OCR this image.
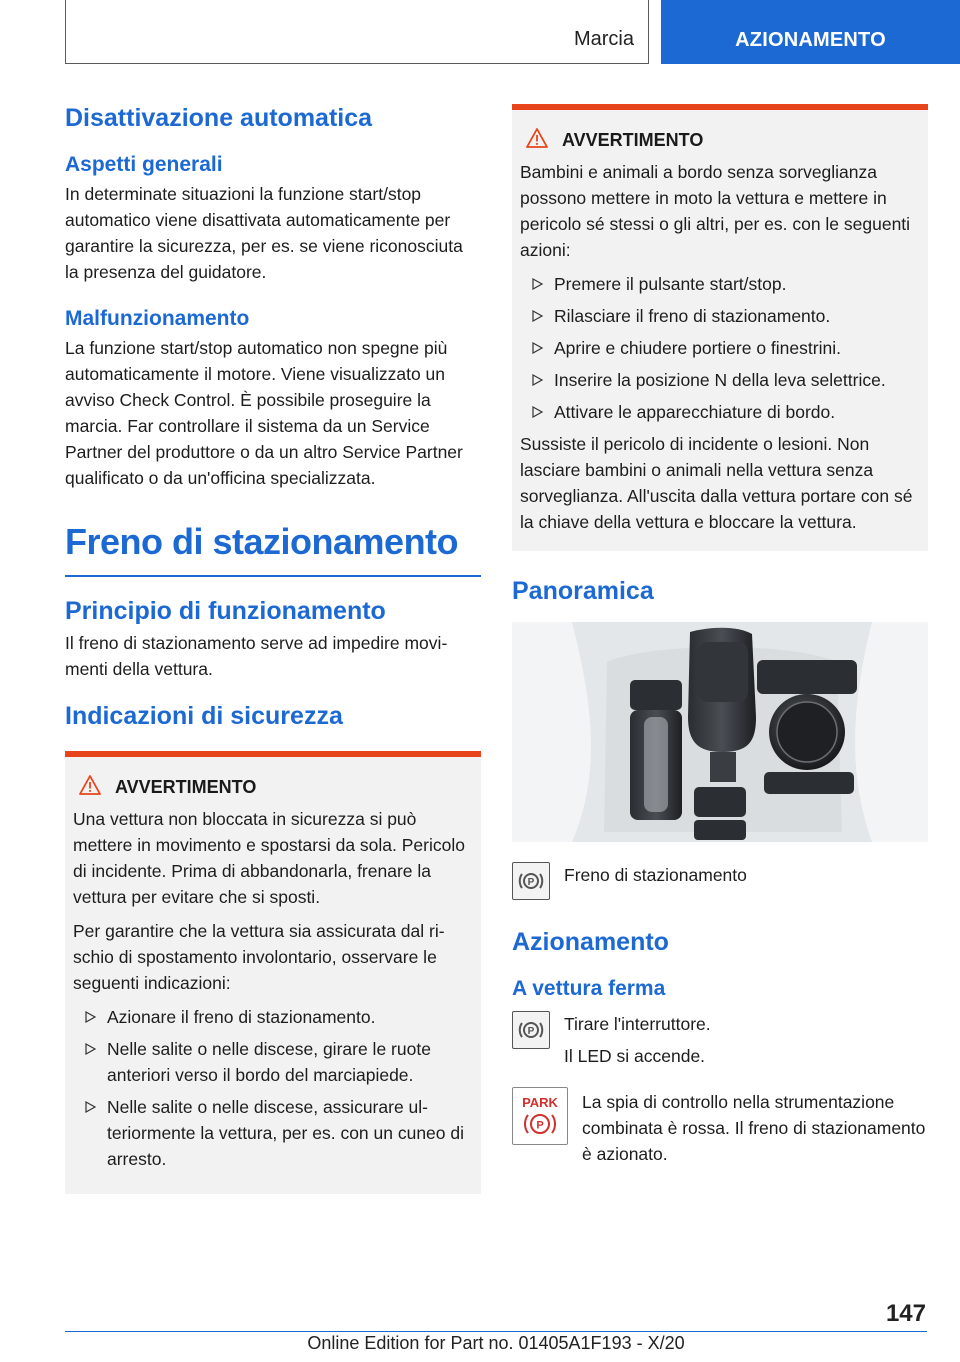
Marcia	AZIONAMENTO
Disattivazione automatica
Aspetti generali

In determinate situazioni la funzione start/stop automatico viene disattivata automaticamente per garantire la sicurezza, per es. se viene riconosciuta la presenza del guidatore.

Malfunzionamento

La funzione start/stop automatico non spegne più automaticamente il motore. Viene visualizzato un avviso Check Control. È possibile proseguire la marcia. Far controllare il sistema da un Service Partner del produttore o da un altro Service Partner qualificato o da un'officina specializzata.

Freno di stazionamento
Principio di funzionamento

Il freno di stazionamento serve ad impedire movimenti della vettura.

Indicazioni di sicurezza
AVVERTIMENTO

Una vettura non bloccata in sicurezza si può mettere in movimento e spostarsi da sola. Pericolo di incidente. Prima di abbandonarla, frenare la vettura per evitare che si sposti.

Per garantire che la vettura sia assicurata dal rischio di spostamento involontario, osservare le seguenti indicazioni:

Azionare il freno di stazionamento.
Nelle salite o nelle discese, girare le ruote anteriori verso il bordo del marciapiede.
Nelle salite o nelle discese, assicurare ulteriormente la vettura, per es. con un cuneo di arresto.
AVVERTIMENTO

Bambini e animali a bordo senza sorveglianza possono mettere in moto la vettura e mettere in pericolo sé stessi o gli altri, per es. con le seguenti azioni:

Premere il pulsante start/stop.
Rilasciare il freno di stazionamento.
Aprire e chiudere portiere o finestrini.
Inserire la posizione N della leva selettrice.
Attivare le apparecchiature di bordo.

Sussiste il pericolo di incidente o lesioni. Non lasciare bambini o animali nella vettura senza sorveglianza. All'uscita dalla vettura portare con sé la chiave della vettura e bloccare la vettura.

Panoramica
P Freno di stazionamento

Azionamento
A vettura ferma
P Tirare l'interruttore.

Il LED si accende.

PARK
P

La spia di controllo nella strumentazione combinata è rossa. Il freno di stazionamento è azionato.

147
Online Edition for Part no. 01405A1F193 - X/20
